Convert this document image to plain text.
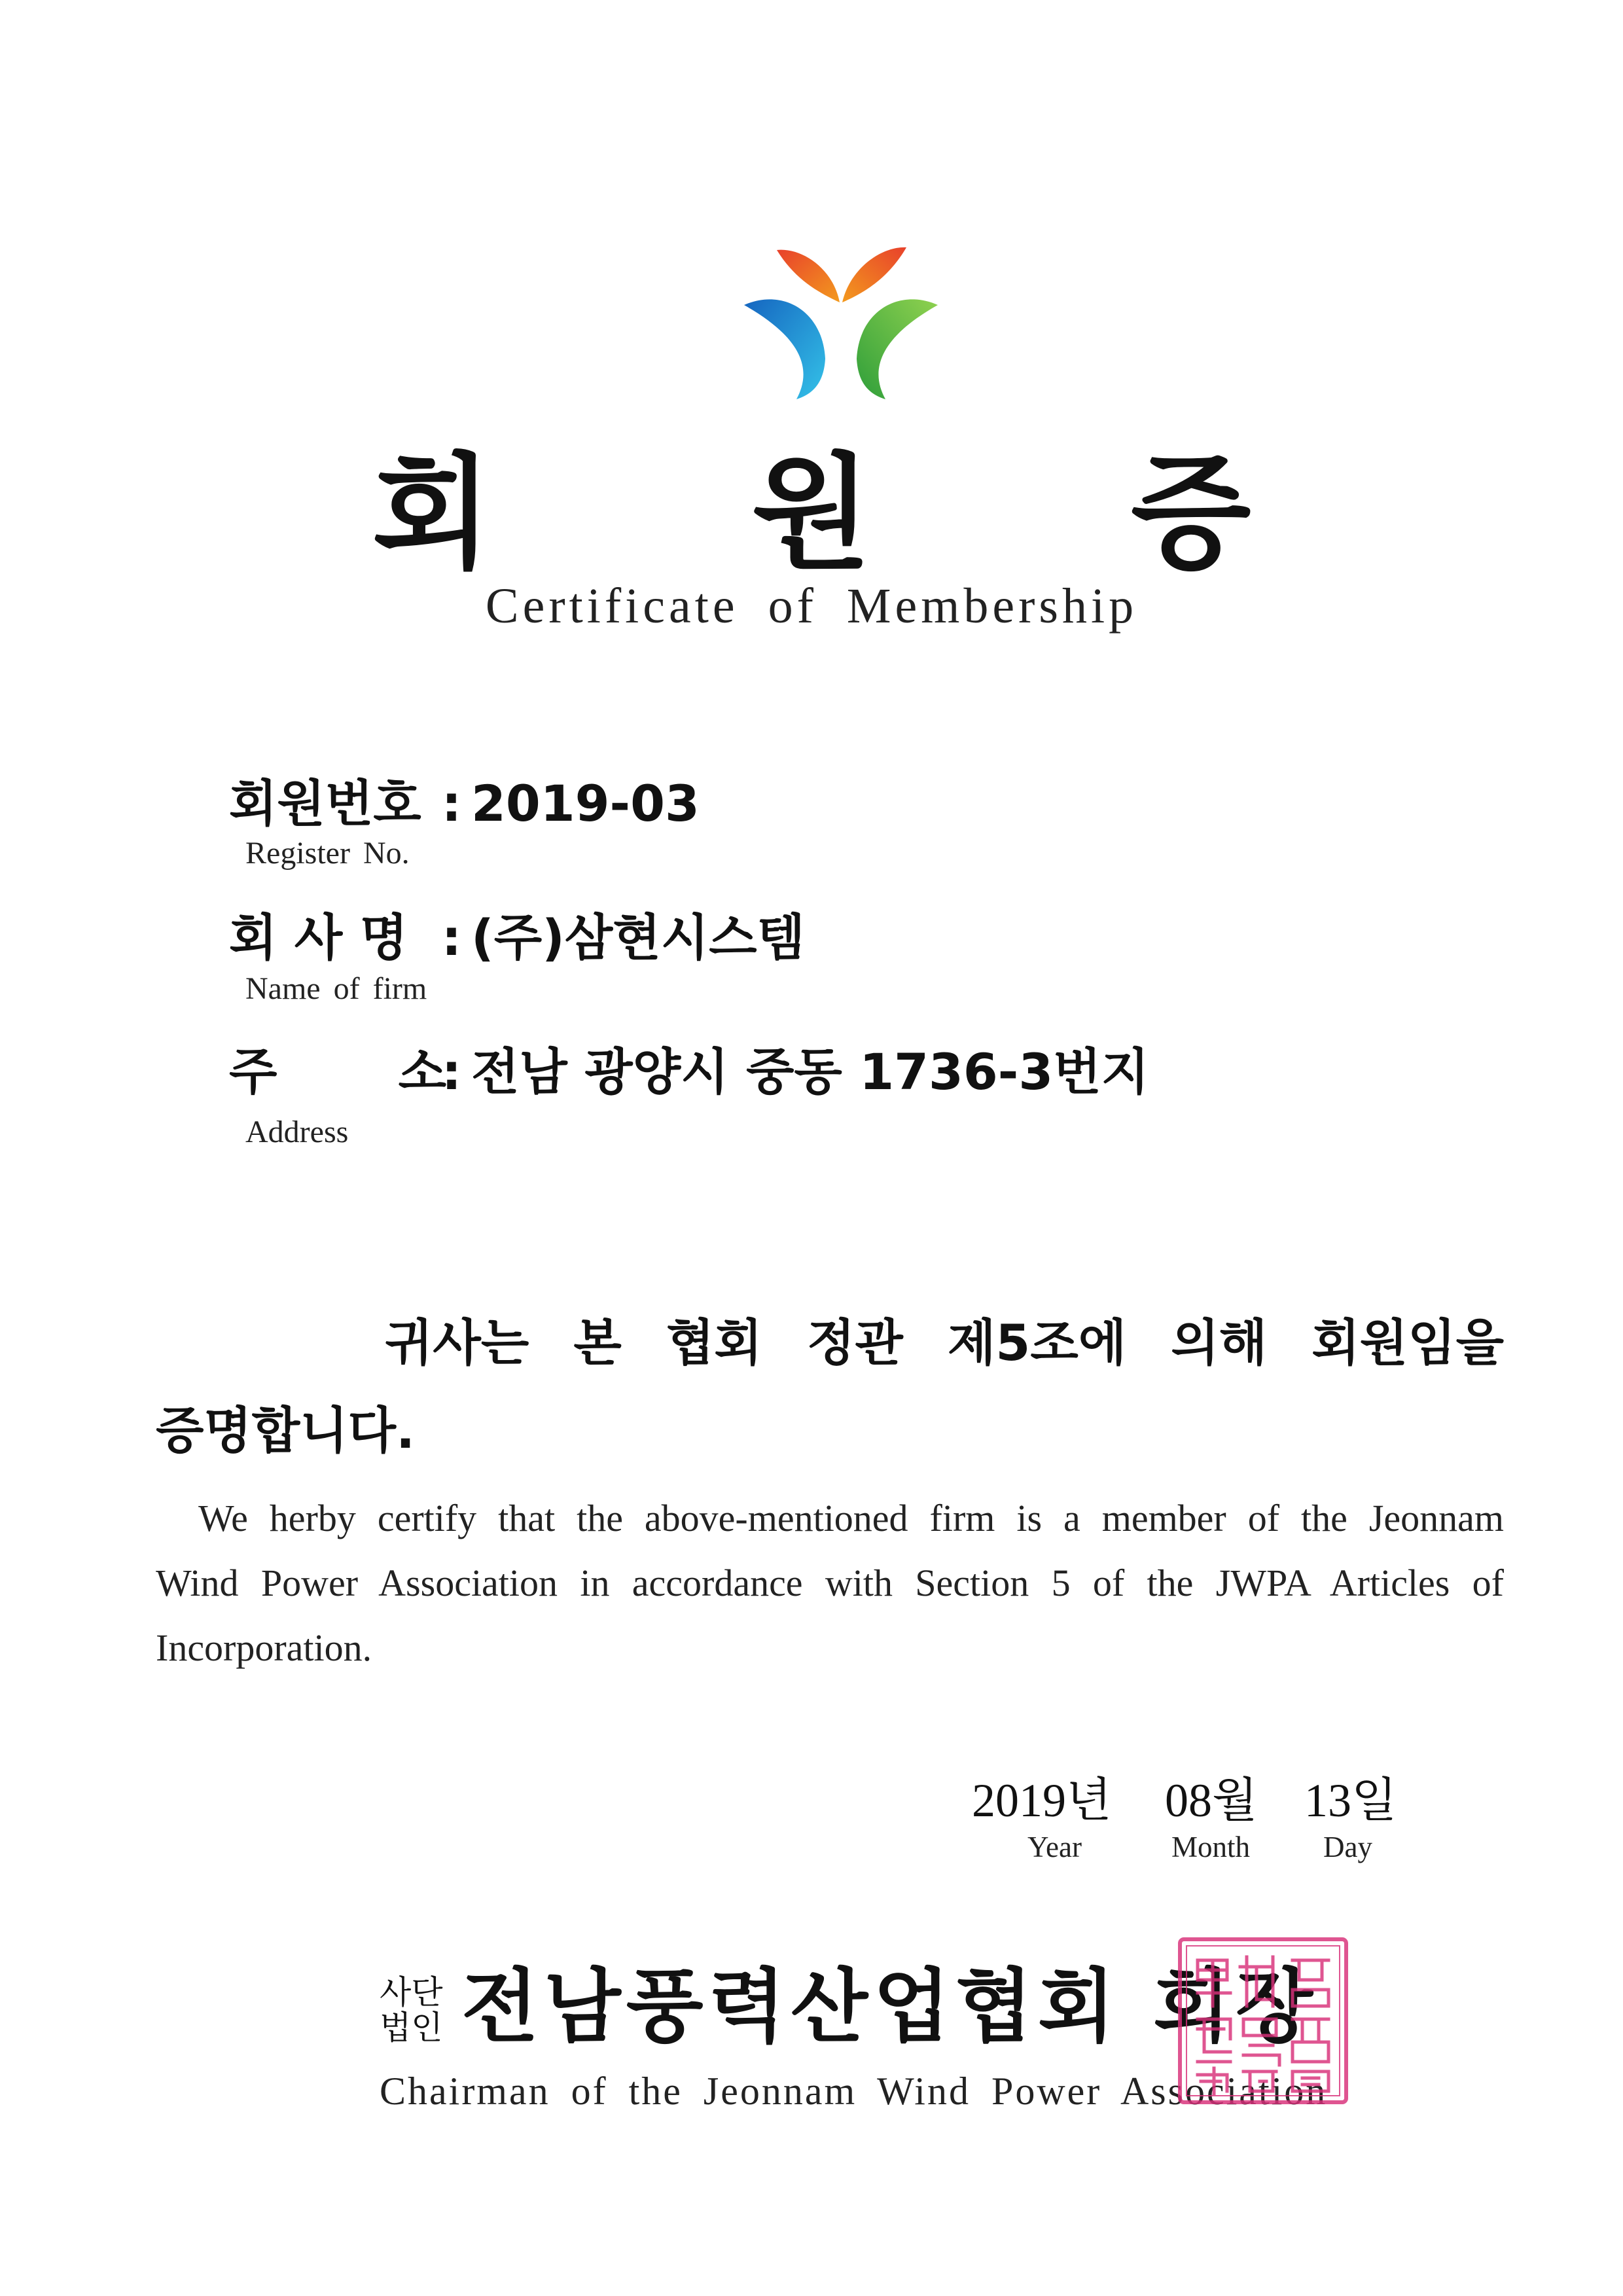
회 원 증
Certificate of Membership
회원번호 : 2019-03
Register No.
회 사 명 : (주)삼현시스템
Name of firm
주       소: 전남 광양시 중동 1736-3번지
Address
귀사는 본 협회 정관 제5조에 의해 회원임을 증명합니다.
We herby certify that the above-mentioned firm is a member of the Jeonnam Wind Power Association in accordance with Section 5 of the JWPA Articles of Incorporation.
2019년 08월 13일
Year	Month Day
사단
법인 전남풍력산업협회 회장
Chairman of the Jeonnam Wind Power Association
